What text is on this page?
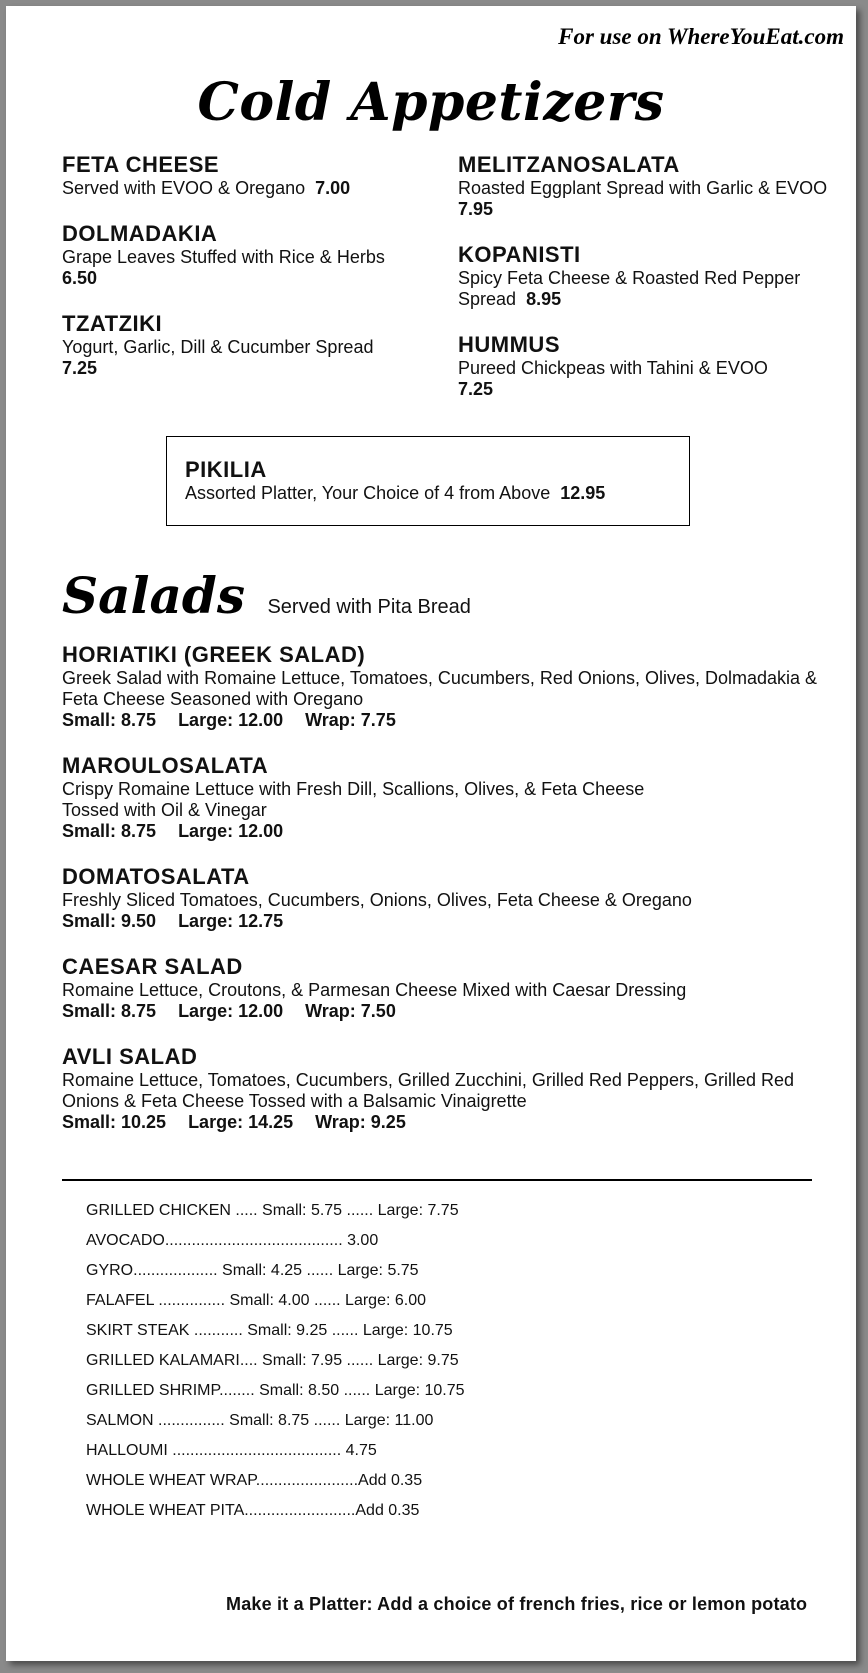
For use on WhereYouEat.com
Cold Appetizers
FETA CHEESE
Served with EVOO & Oregano 7.00
DOLMADAKIA
Grape Leaves Stuffed with Rice & Herbs
6.50
TZATZIKI
Yogurt, Garlic, Dill & Cucumber Spread
7.25
MELITZANOSALATA
Roasted Eggplant Spread with Garlic & EVOO  7.95
KOPANISTI
Spicy Feta Cheese & Roasted Red Pepper Spread 8.95
HUMMUS
Pureed Chickpeas with Tahini & EVOO
7.25
PIKILIA
Assorted Platter, Your Choice of 4 from Above 12.95
Salads Served with Pita Bread
HORIATIKI (GREEK SALAD)
Greek Salad with Romaine Lettuce, Tomatoes, Cucumbers, Red Onions, Olives, Dolmadakia & Feta Cheese Seasoned with Oregano
Small: 8.75 Large: 12.00 Wrap: 7.75
MAROULOSALATA
Crispy Romaine Lettuce with Fresh Dill, Scallions, Olives, & Feta Cheese Tossed with Oil & Vinegar
Small: 8.75 Large: 12.00
DOMATOSALATA
Freshly Sliced Tomatoes, Cucumbers, Onions, Olives, Feta Cheese & Oregano
Small: 9.50 Large: 12.75
CAESAR SALAD
Romaine Lettuce, Croutons, & Parmesan Cheese Mixed with Caesar Dressing
Small: 8.75 Large: 12.00 Wrap: 7.50
AVLI SALAD
Romaine Lettuce, Tomatoes, Cucumbers, Grilled Zucchini, Grilled Red Peppers, Grilled Red Onions & Feta Cheese Tossed with a Balsamic Vinaigrette
Small: 10.25 Large: 14.25 Wrap: 9.25
GRILLED CHICKEN ..... Small: 5.75 ...... Large: 7.75
AVOCADO........................................ 3.00
GYRO................... Small: 4.25 ...... Large: 5.75
FALAFEL ............... Small: 4.00 ...... Large: 6.00
SKIRT STEAK ........... Small: 9.25 ...... Large: 10.75
GRILLED KALAMARI.... Small: 7.95 ...... Large: 9.75
GRILLED SHRIMP........ Small: 8.50 ...... Large: 10.75
SALMON ............... Small: 8.75 ...... Large: 11.00
HALLOUMI ...................................... 4.75
WHOLE WHEAT WRAP.......................Add 0.35
WHOLE WHEAT PITA.........................Add 0.35
Make it a Platter: Add a choice of french fries, rice or lemon potato
